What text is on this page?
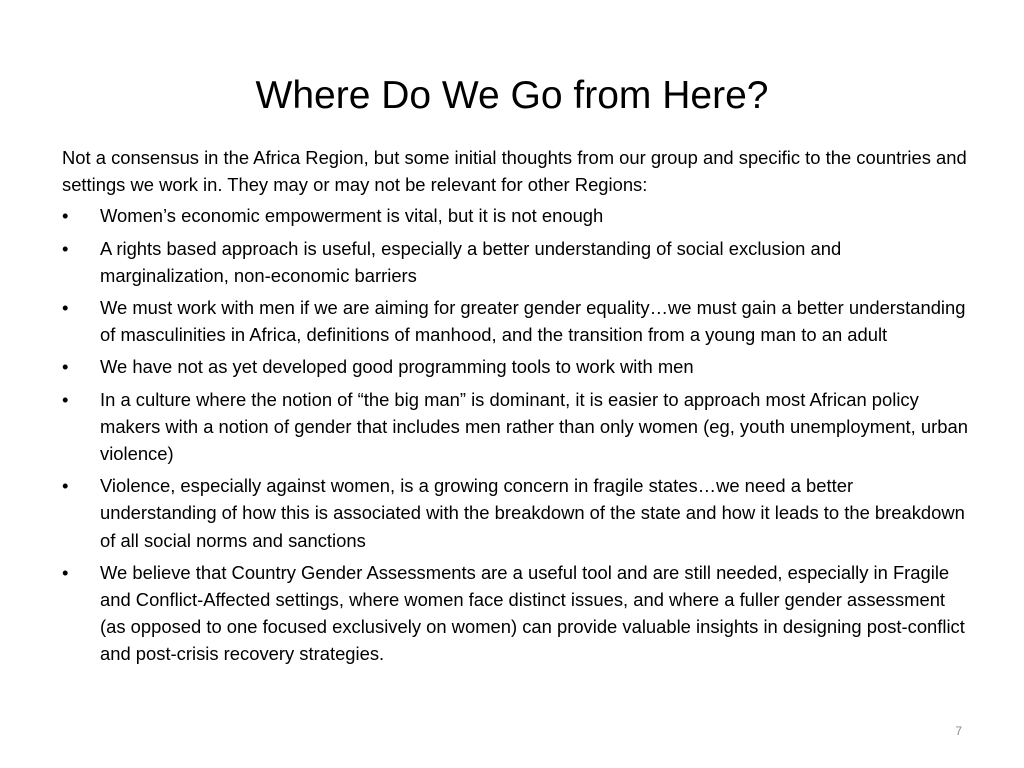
Where Do We Go from Here?

Not a consensus in the Africa Region, but some initial thoughts from our group and specific to the countries and settings we work in. They may or may not be relevant for other Regions:

• Women’s economic empowerment is vital, but it is not enough
• A rights based approach is useful, especially a better understanding of social exclusion and marginalization, non-economic barriers
• We must work with men if we are aiming for greater gender equality…we must gain a better understanding of masculinities in Africa, definitions of manhood, and the transition from a young man to an adult
• We have not as yet developed good programming tools to work with men
• In a culture where the notion of “the big man” is dominant, it is easier to approach most African policy makers with a notion of gender that includes men rather than only women (eg, youth unemployment, urban violence)
• Violence, especially against women, is a growing concern in fragile states…we need a better understanding of how this is associated with the breakdown of the state and how it leads to the breakdown of all social norms and sanctions
• We believe that Country Gender Assessments are a useful tool and are still needed, especially in Fragile and Conflict-Affected settings, where women face distinct issues, and where a fuller gender assessment (as opposed to one focused exclusively on women) can provide valuable insights in designing post-conflict and post-crisis recovery strategies.
7
